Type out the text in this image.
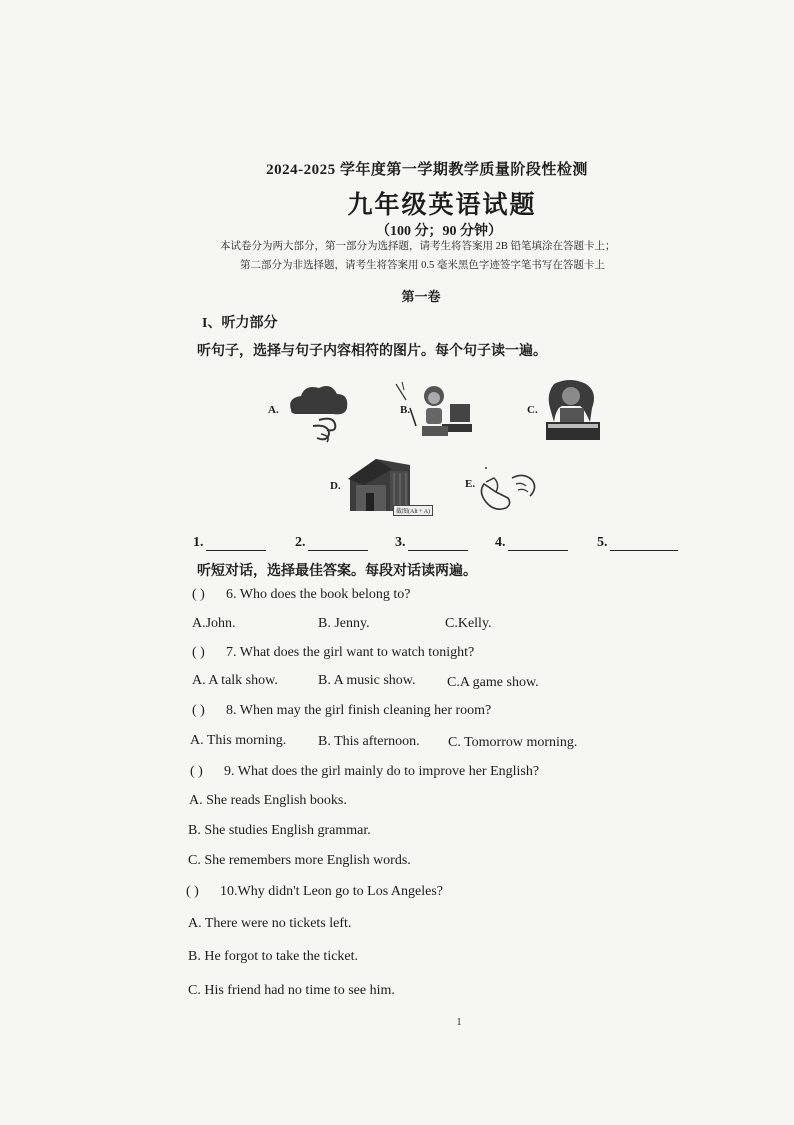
2024-2025 学年度第一学期教学质量阶段性检测
九年级英语试题
（100 分；90 分钟）
本试卷分为两大部分，第一部分为选择题，请考生将答案用 2B 铅笔填涂在答题卡上；
第二部分为非选择题，请考生将答案用 0.5 毫米黑色字迹签字笔书写在答题卡上
第一卷
I、听力部分
听句子，选择与句子内容相符的图片。每个句子读一遍。
A.	B.	C.
D.
截图(Alt + A)
E.
1.	2.	3.	4.	5.
听短对话，选择最佳答案。每段对话读两遍。
( ) 6. Who does the book belong to?
A.John.	B. Jenny.	C.Kelly.
( ) 7. What does the girl want to watch tonight?
A. A talk show.	B. A music show. C.A game show.
( ) 8. When may the girl finish cleaning her room?
A. This morning. B. This afternoon. C. Tomorrow morning.
( ) 9. What does the girl mainly do to improve her English?
A. She reads English books.
B. She studies English grammar.
C. She remembers more English words.
( ) 10.Why didn't Leon go to Los Angeles?
A. There were no tickets left.
B. He forgot to take the ticket.
C. His friend had no time to see him.
1
